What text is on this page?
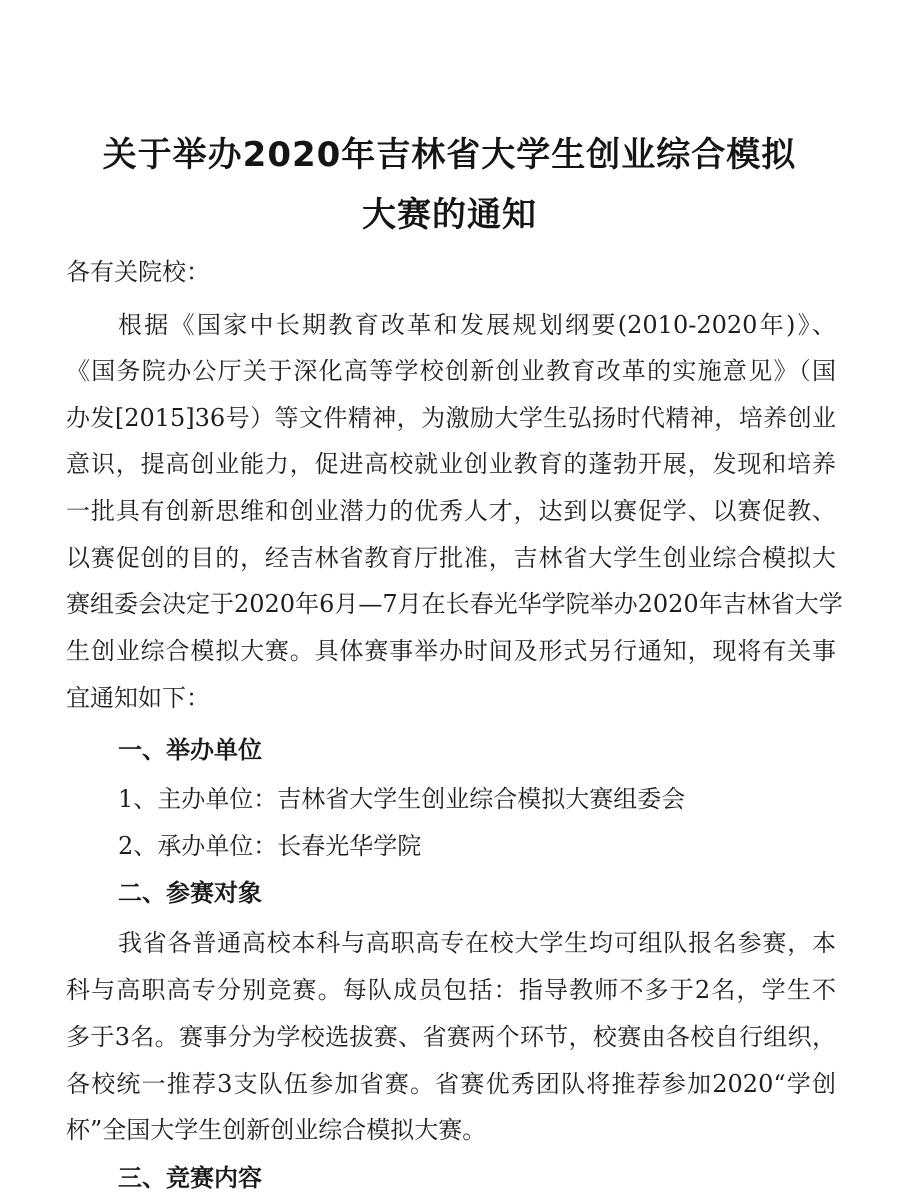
关于举办2020年吉林省大学生创业综合模拟
大赛的通知
各有关院校：
根据《国家中长期教育改革和发展规划纲要(2010-2020年)》、
《国务院办公厅关于深化高等学校创新创业教育改革的实施意见》（国
办发[2015]36号）等文件精神，为激励大学生弘扬时代精神，培养创业
意识，提高创业能力，促进高校就业创业教育的蓬勃开展，发现和培养
一批具有创新思维和创业潜力的优秀人才，达到以赛促学、以赛促教、
以赛促创的目的，经吉林省教育厅批准，吉林省大学生创业综合模拟大
赛组委会决定于2020年6月—7月在长春光华学院举办2020年吉林省大学
生创业综合模拟大赛。具体赛事举办时间及形式另行通知，现将有关事
宜通知如下：
一、举办单位
1、主办单位：吉林省大学生创业综合模拟大赛组委会
2、承办单位：长春光华学院
二、参赛对象
我省各普通高校本科与高职高专在校大学生均可组队报名参赛，本
科与高职高专分别竞赛。每队成员包括：指导教师不多于2名，学生不
多于3名。赛事分为学校选拔赛、省赛两个环节，校赛由各校自行组织，
各校统一推荐3支队伍参加省赛。省赛优秀团队将推荐参加2020“学创
杯”全国大学生创新创业综合模拟大赛。
三、竞赛内容
